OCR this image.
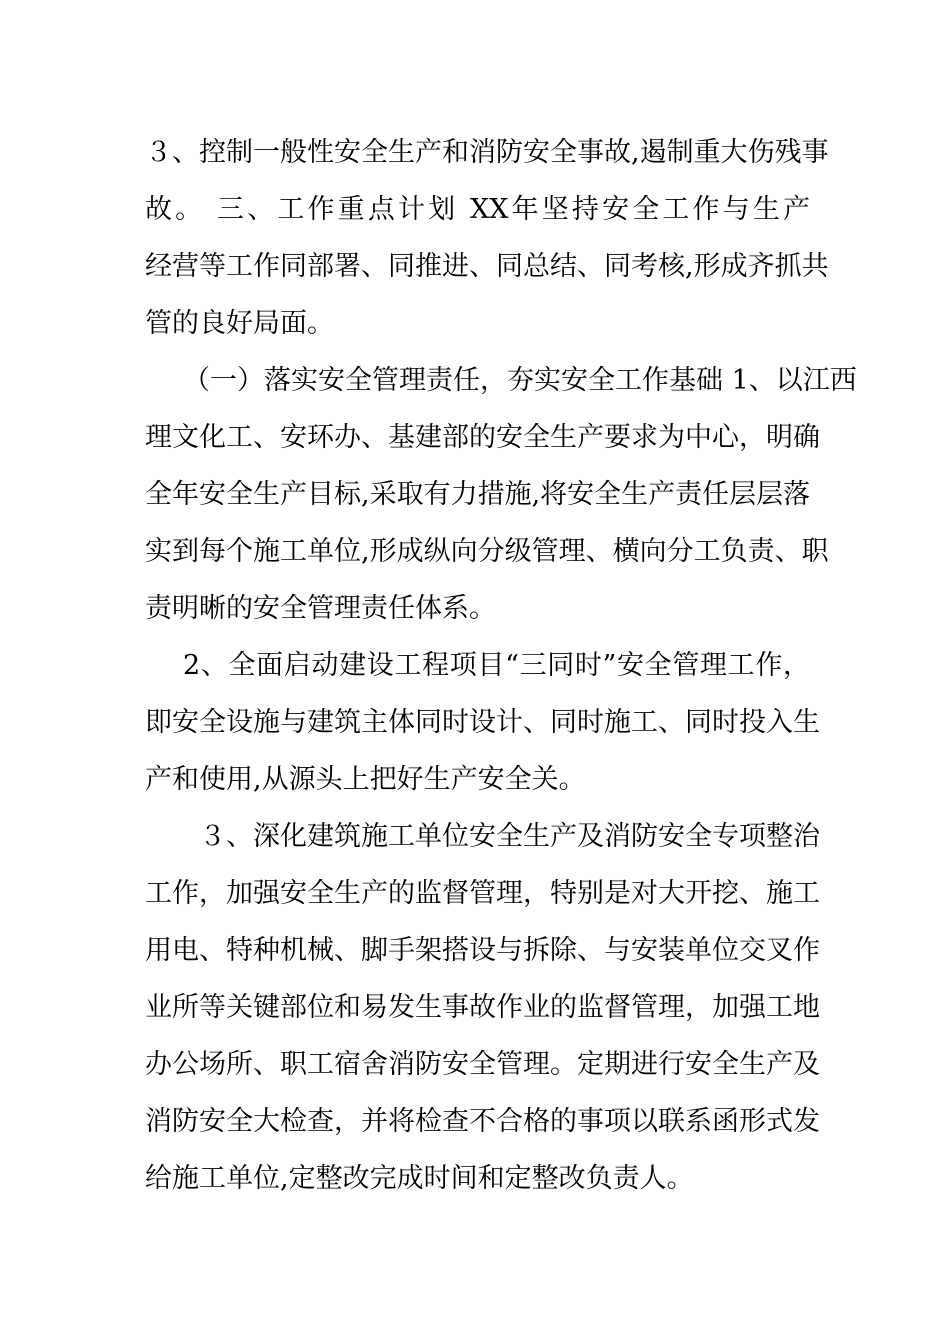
３、控制一般性安全生产和消防安全事故,遏制重大伤残事
故。 三、工作重点计划 XX年坚持安全工作与生产
经营等工作同部署、同推进、同总结、同考核,形成齐抓共
管的良好局面。
（一）落实安全管理责任，夯实安全工作基础 1、以江西
理文化工、安环办、基建部的安全生产要求为中心，明确
全年安全生产目标,采取有力措施,将安全生产责任层层落
实到每个施工单位,形成纵向分级管理、横向分工负责、职
责明晰的安全管理责任体系。
2、全面启动建设工程项目“三同时”安全管理工作，
即安全设施与建筑主体同时设计、同时施工、同时投入生
产和使用,从源头上把好生产安全关。
３、深化建筑施工单位安全生产及消防安全专项整治
工作，加强安全生产的监督管理，特别是对大开挖、施工
用电、特种机械、脚手架搭设与拆除、与安装单位交叉作
业所等关键部位和易发生事故作业的监督管理，加强工地
办公场所、职工宿舍消防安全管理。定期进行安全生产及
消防安全大检查，并将检查不合格的事项以联系函形式发
给施工单位,定整改完成时间和定整改负责人。
